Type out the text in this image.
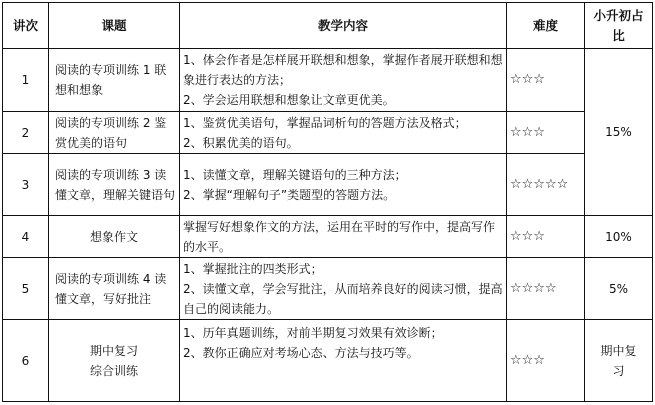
讲次	课题	教学内容	难度	小升初占比
1	阅读的专项训练 1 联想和想象	1、体会作者是怎样展开联想和想象，掌握作者展开联想和想象进行表达的方法；
2、学会运用联想和想象让文章更优美。	☆☆☆	15%
2	阅读的专项训练 2 鉴赏优美的语句	1、鉴赏优美语句，掌握品词析句的答题方法及格式；
2、积累优美的语句。	☆☆☆	
3	阅读的专项训练 3 读懂文章，理解关键语句	1、读懂文章，理解关键语句的三种方法；
2、掌握“理解句子”类题型的答题方法。	☆☆☆☆☆	
4	想象作文	掌握写好想象作文的方法，运用在平时的写作中，提高写作的水平。	☆☆☆	10%
5	阅读的专项训练 4 读懂文章，写好批注	1、掌握批注的四类形式；
2、读懂文章，学会写批注，从而培养良好的阅读习惯，提高自己的阅读能力。	☆☆☆☆	5%
6	期中复习
综合训练	1、历年真题训练，对前半期复习效果有效诊断；
2、教你正确应对考场心态、方法与技巧等。	☆☆☆	期中复习
